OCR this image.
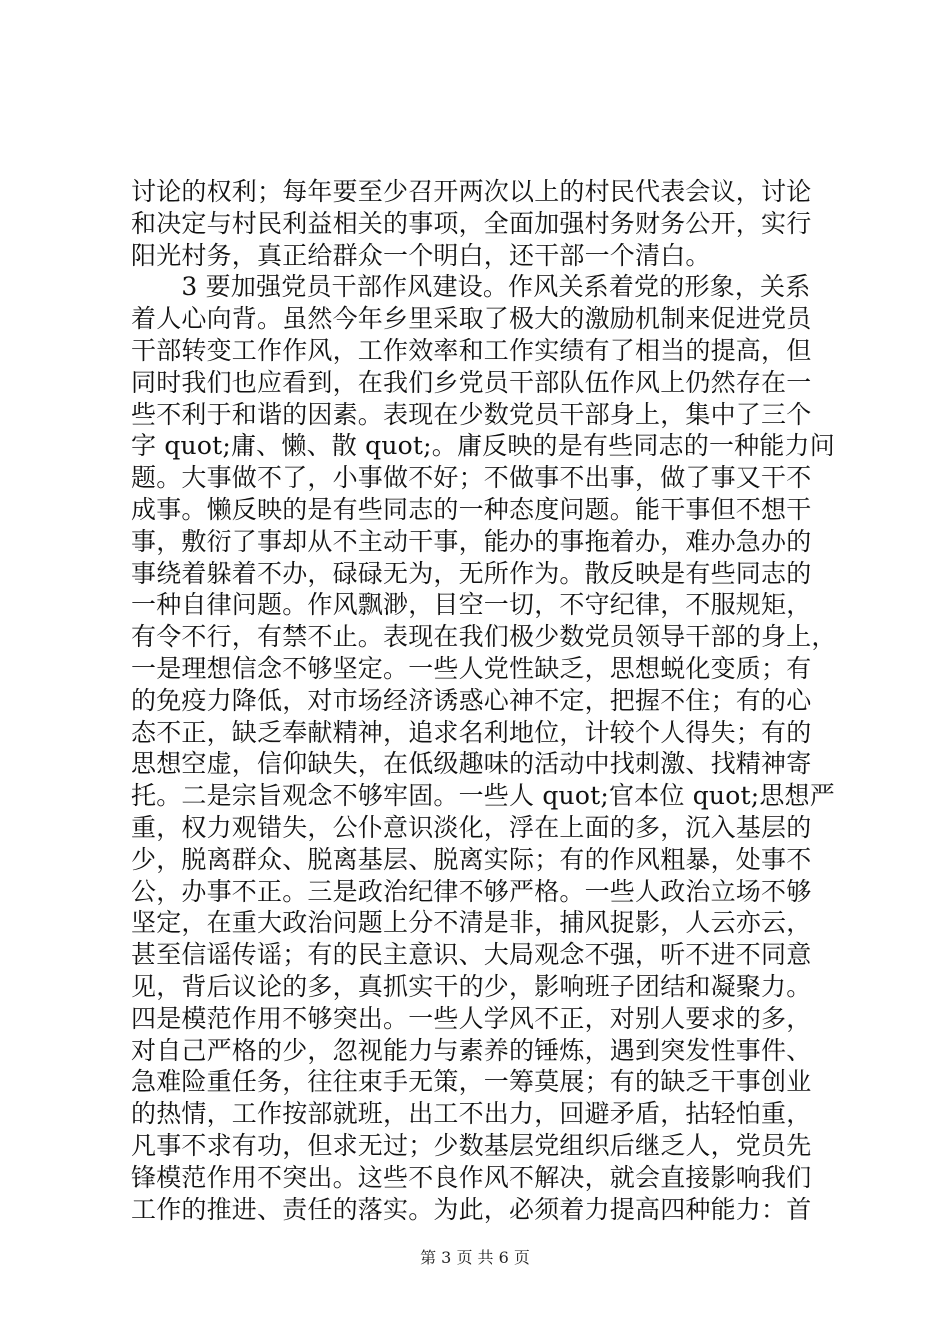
讨论的权利；每年要至少召开两次以上的村民代表会议，讨论
和决定与村民利益相关的事项，全面加强村务财务公开，实行
阳光村务，真正给群众一个明白，还干部一个清白。
　　3 要加强党员干部作风建设。作风关系着党的形象，关系
着人心向背。虽然今年乡里采取了极大的激励机制来促进党员
干部转变工作作风，工作效率和工作实绩有了相当的提高，但
同时我们也应看到，在我们乡党员干部队伍作风上仍然存在一
些不利于和谐的因素。表现在少数党员干部身上，集中了三个
字 quot;庸、懒、散 quot;。庸反映的是有些同志的一种能力问
题。大事做不了，小事做不好；不做事不出事，做了事又干不
成事。懒反映的是有些同志的一种态度问题。能干事但不想干
事，敷衍了事却从不主动干事，能办的事拖着办，难办急办的
事绕着躲着不办，碌碌无为，无所作为。散反映是有些同志的
一种自律问题。作风飘渺，目空一切，不守纪律，不服规矩，
有令不行，有禁不止。表现在我们极少数党员领导干部的身上，
一是理想信念不够坚定。一些人党性缺乏，思想蜕化变质；有
的免疫力降低，对市场经济诱惑心神不定，把握不住；有的心
态不正，缺乏奉献精神，追求名利地位，计较个人得失；有的
思想空虚，信仰缺失，在低级趣味的活动中找刺激、找精神寄
托。二是宗旨观念不够牢固。一些人 quot;官本位 quot;思想严
重，权力观错失，公仆意识淡化，浮在上面的多，沉入基层的
少，脱离群众、脱离基层、脱离实际；有的作风粗暴，处事不
公，办事不正。三是政治纪律不够严格。一些人政治立场不够
坚定，在重大政治问题上分不清是非，捕风捉影，人云亦云，
甚至信谣传谣；有的民主意识、大局观念不强，听不进不同意
见，背后议论的多，真抓实干的少，影响班子团结和凝聚力。
四是模范作用不够突出。一些人学风不正，对别人要求的多，
对自己严格的少，忽视能力与素养的锤炼，遇到突发性事件、
急难险重任务，往往束手无策，一筹莫展；有的缺乏干事创业
的热情，工作按部就班，出工不出力，回避矛盾，拈轻怕重，
凡事不求有功，但求无过；少数基层党组织后继乏人，党员先
锋模范作用不突出。这些不良作风不解决，就会直接影响我们
工作的推进、责任的落实。为此，必须着力提高四种能力：首
第 3 页 共 6 页
